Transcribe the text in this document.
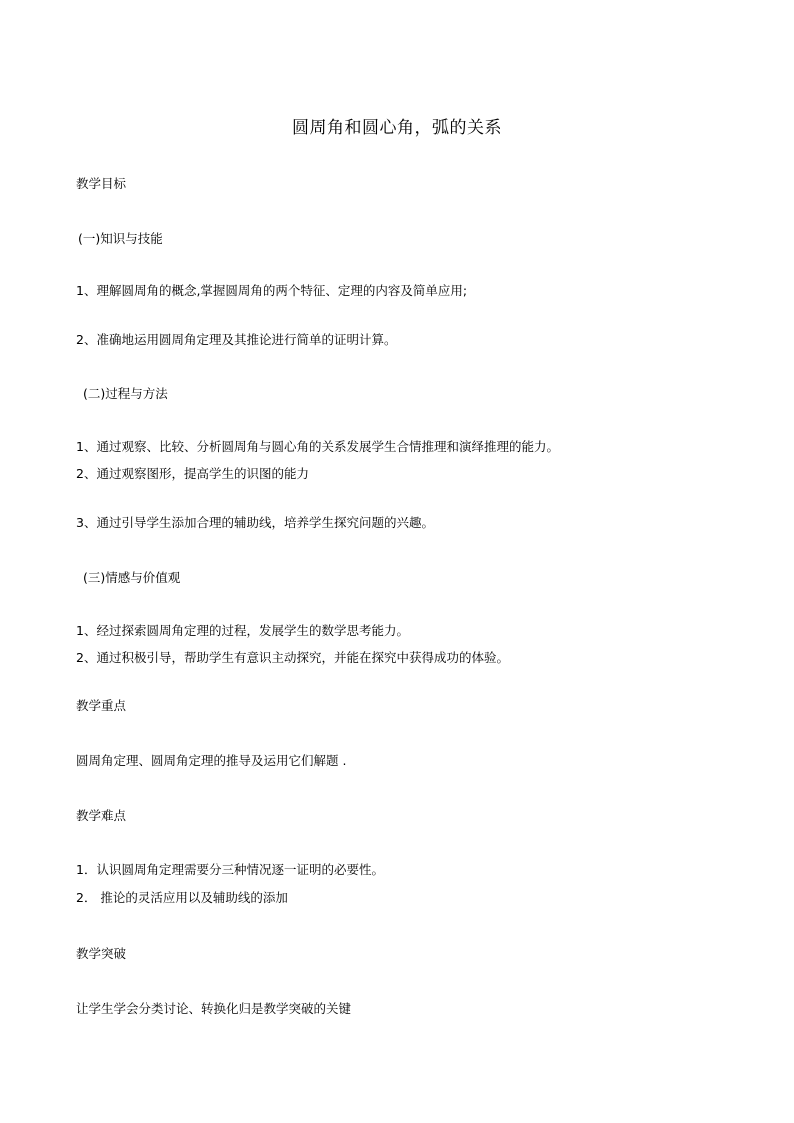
圆周角和圆心角，弧的关系
教学目标
(一)知识与技能
1、理解圆周角的概念,掌握圆周角的两个特征、定理的内容及简单应用;
2、准确地运用圆周角定理及其推论进行简单的证明计算。
(二)过程与方法
1、通过观察、比较、分析圆周角与圆心角的关系发展学生合情推理和演绎推理的能力。
2、通过观察图形，提高学生的识图的能力
3、通过引导学生添加合理的辅助线，培养学生探究问题的兴趣。
(三)情感与价值观
1、经过探索圆周角定理的过程，发展学生的数学思考能力。
2、通过积极引导，帮助学生有意识主动探究，并能在探究中获得成功的体验。
教学重点
圆周角定理、圆周角定理的推导及运用它们解题 .
教学难点
1．认识圆周角定理需要分三种情况逐一证明的必要性。
2． 推论的灵活应用以及辅助线的添加
教学突破
让学生学会分类讨论、转换化归是教学突破的关键
